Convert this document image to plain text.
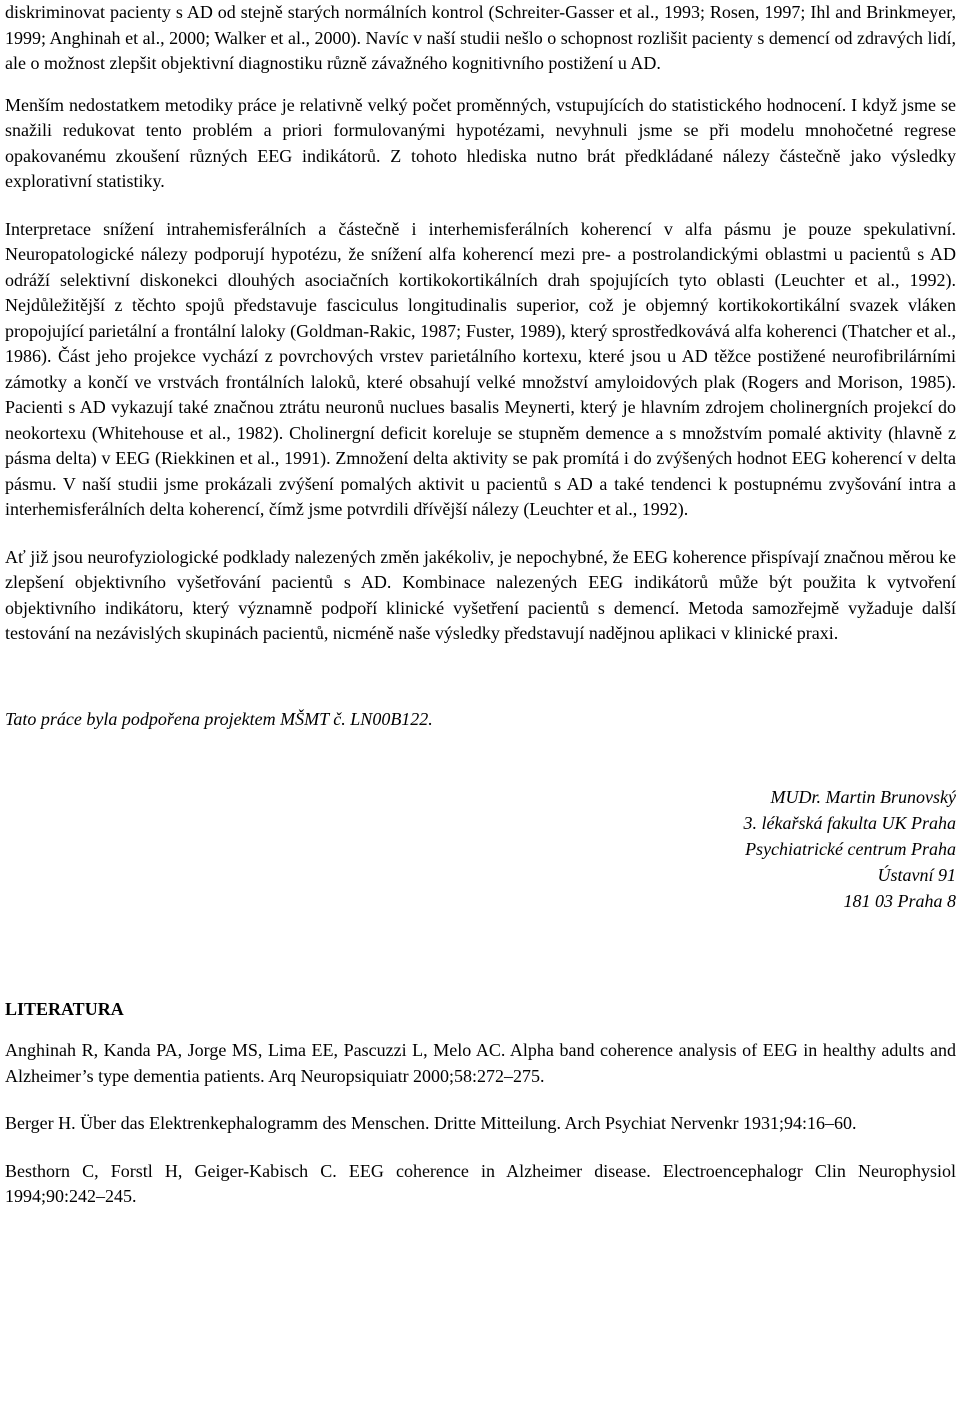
diskriminovat pacienty s AD od stejně starých normálních kontrol (Schreiter-Gasser et al., 1993; Rosen, 1997; Ihl and Brinkmeyer, 1999; Anghinah et al., 2000; Walker et al., 2000). Navíc v naší studii nešlo o schopnost rozlišit pacienty s demencí od zdravých lidí, ale o možnost zlepšit objektivní diagnostiku různě závažného kognitivního postižení u AD.

Menším nedostatkem metodiky práce je relativně velký počet proměnných, vstupujících do statistického hodnocení. I když jsme se snažili redukovat tento problém a priori formulovanými hypotézami, nevyhnuli jsme se při modelu mnohočetné regrese opakovanému zkoušení různých EEG indikátorů. Z tohoto hlediska nutno brát předkládané nálezy částečně jako výsledky explorativní statistiky.

Interpretace snížení intrahemisferálních a částečně i interhemisferálních koherencí v alfa pásmu je pouze spekulativní. Neuropatologické nálezy podporují hypotézu, že snížení alfa koherencí mezi pre- a postrolandickými oblastmi u pacientů s AD odráží selektivní diskonekci dlouhých asociačních kortikokortikálních drah spojujících tyto oblasti (Leuchter et al., 1992). Nejdůležitější z těchto spojů představuje fasciculus longitudinalis superior, což je objemný kortikokortikální svazek vláken propojující parietální a frontální laloky (Goldman-Rakic, 1987; Fuster, 1989), který sprostředkovává alfa koherenci (Thatcher et al., 1986). Část jeho projekce vychází z povrchových vrstev parietálního kortexu, které jsou u AD těžce postižené neurofibrilárními zámotky a končí ve vrstvách frontálních laloků, které obsahují velké množství amyloidových plak (Rogers and Morison, 1985). Pacienti s AD vykazují také značnou ztrátu neuronů nuclues basalis Meynerti, který je hlavním zdrojem cholinergních projekcí do neokortexu (Whitehouse et al., 1982). Cholinergní deficit koreluje se stupněm demence a s množstvím pomalé aktivity (hlavně z pásma delta) v EEG (Riekkinen et al., 1991). Zmnožení delta aktivity se pak promítá i do zvýšených hodnot EEG koherencí v delta pásmu. V naší studii jsme prokázali zvýšení pomalých aktivit u pacientů s AD a také tendenci k postupnému zvyšování intra a interhemisferálních delta koherencí, čímž jsme potvrdili dřívější nálezy (Leuchter et al., 1992).

Ať již jsou neurofyziologické podklady nalezených změn jakékoliv, je nepochybné, že EEG koherence přispívají značnou měrou ke zlepšení objektivního vyšetřování pacientů s AD. Kombinace nalezených EEG indikátorů může být použita k vytvoření objektivního indikátoru, který významně podpoří klinické vyšetření pacientů s demencí. Metoda samozřejmě vyžaduje další testování na nezávislých skupinách pacientů, nicméně naše výsledky představují nadějnou aplikaci v klinické praxi.

Tato práce byla podpořena projektem MŠMT č. LN00B122.

MUDr. Martin Brunovský
3. lékařská fakulta UK Praha
Psychiatrické centrum Praha
Ústavní 91
181 03 Praha 8
LITERATURA

Anghinah R, Kanda PA, Jorge MS, Lima EE, Pascuzzi L, Melo AC. Alpha band coherence analysis of EEG in healthy adults and Alzheimer’s type dementia patients. Arq Neuropsiquiatr 2000;58:272–275.

Berger H. Über das Elektrenkephalogramm des Menschen. Dritte Mitteilung. Arch Psychiat Nervenkr 1931;94:16–60.

Besthorn C, Forstl H, Geiger-Kabisch C. EEG coherence in Alzheimer disease. Electroencephalogr Clin Neurophysiol 1994;90:242–245.
